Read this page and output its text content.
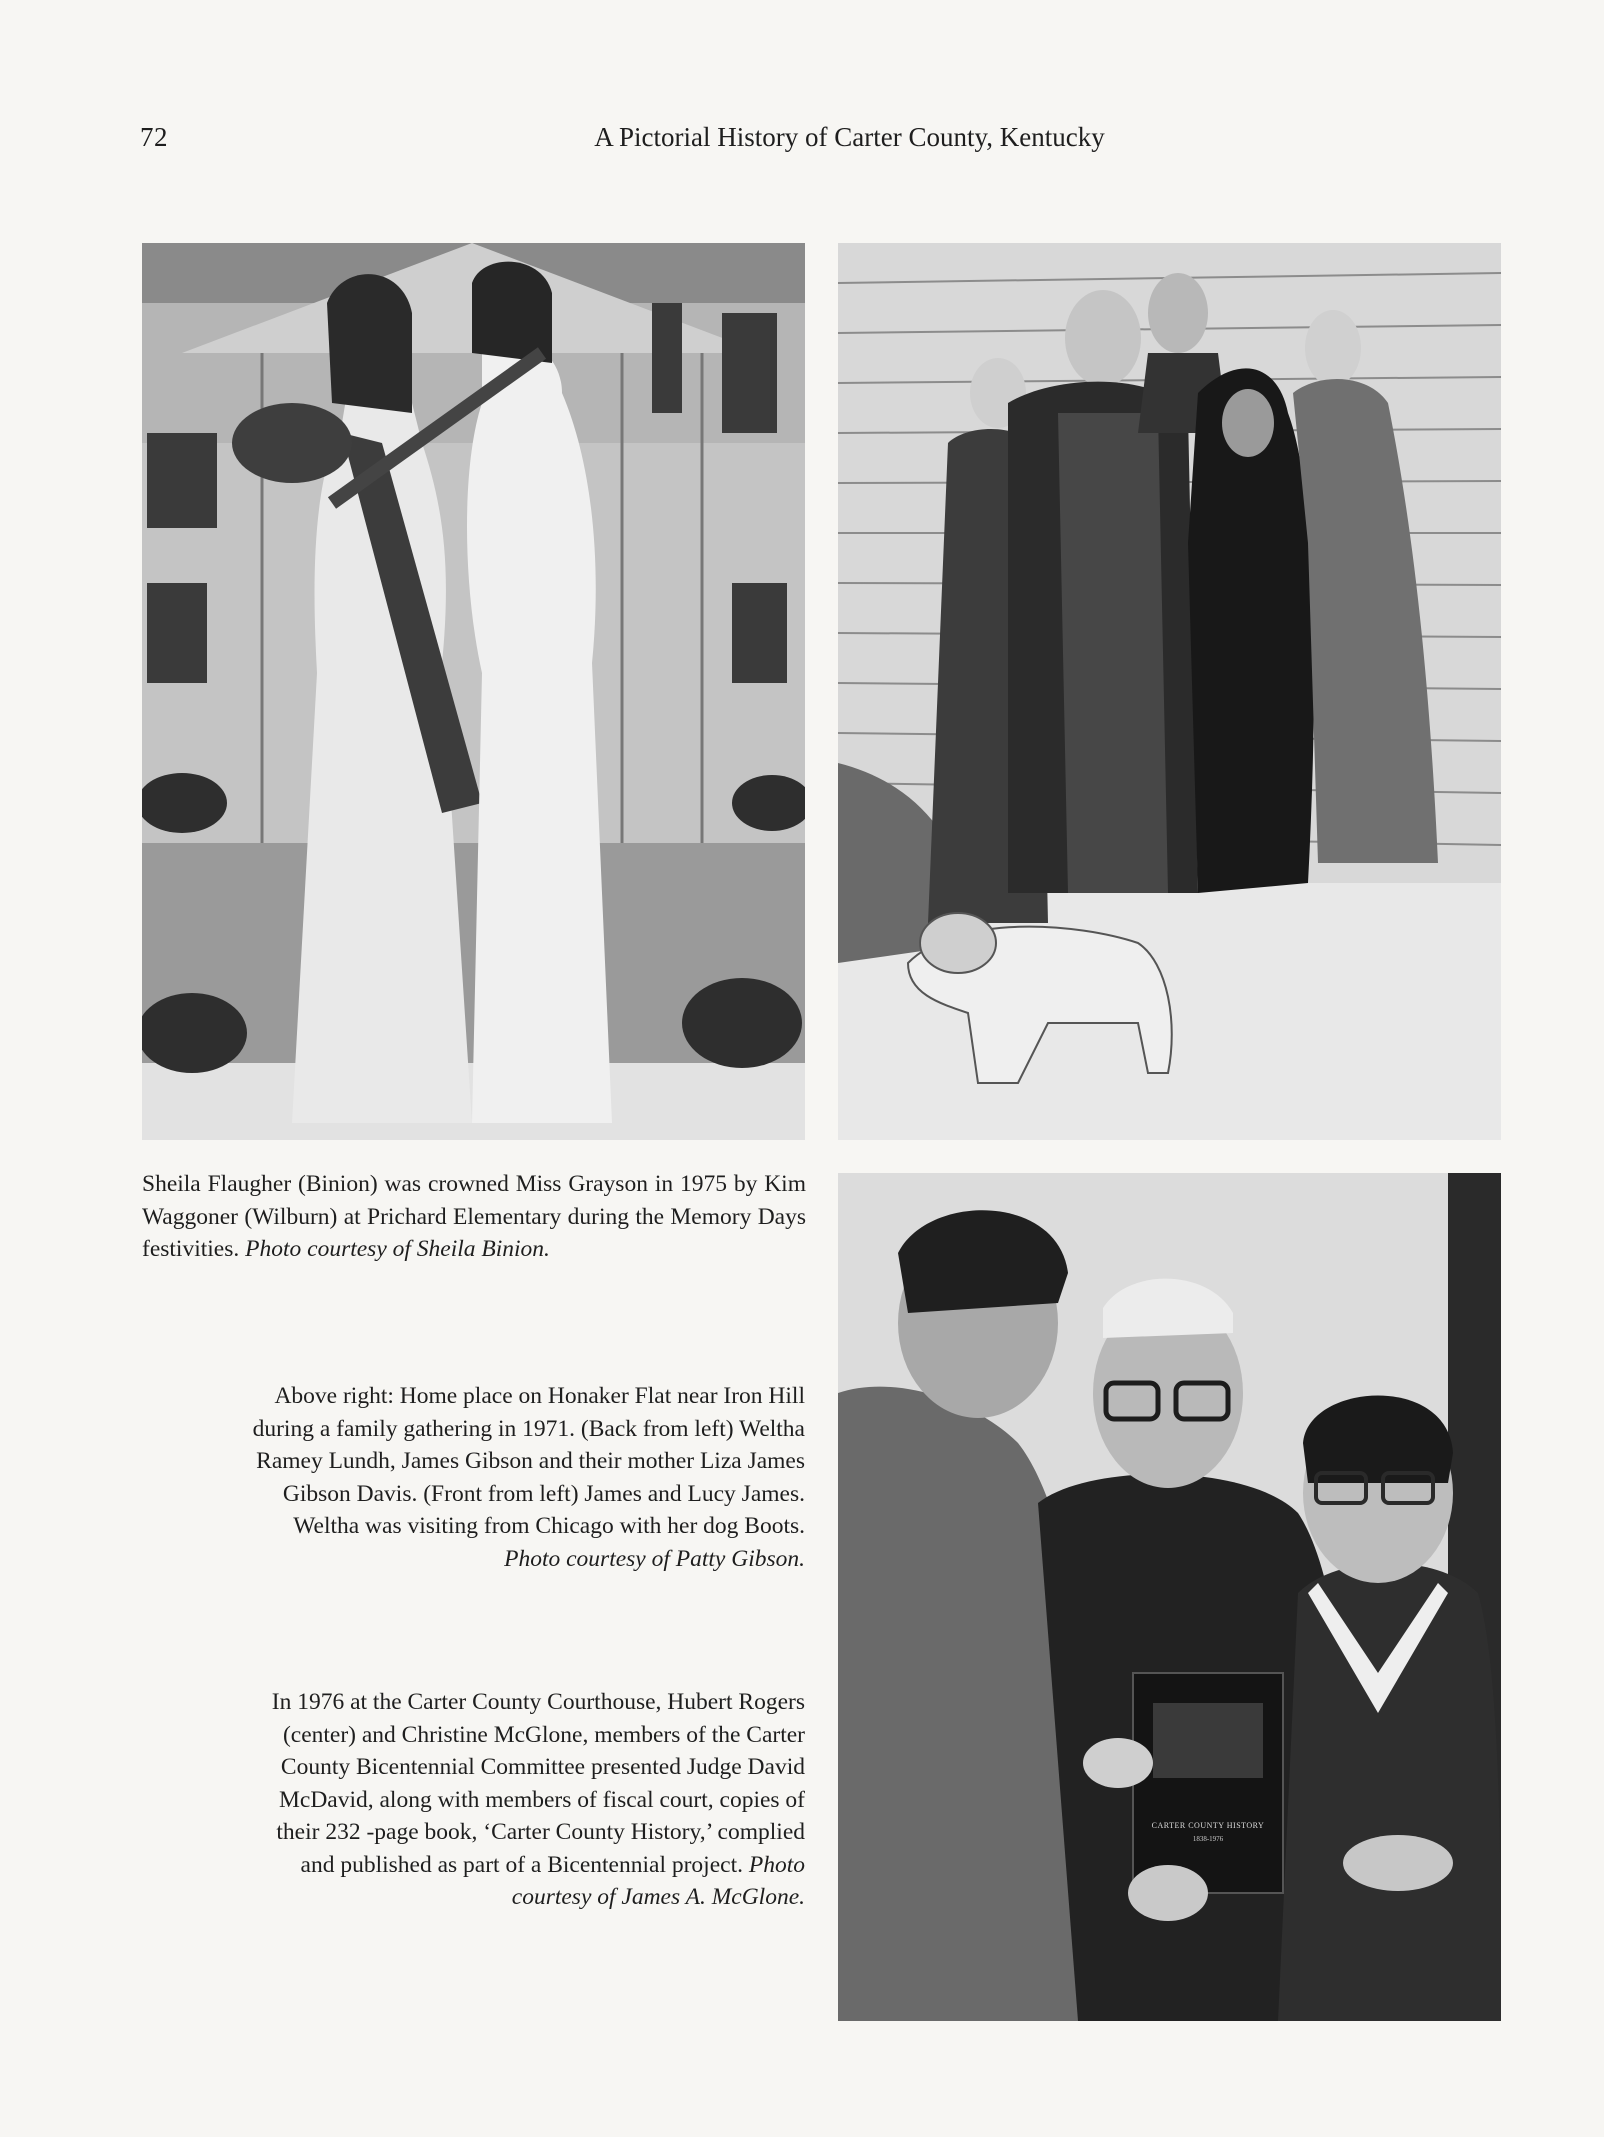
72	A Pictorial History of Carter County, Kentucky
CARTER COUNTY HISTORY
1838-1976

Sheila Flaugher (Binion) was crowned Miss Grayson in 1975 by Kim Waggoner (Wilburn) at Prichard Elementary during the Memory Days festivities. Photo courtesy of Sheila Binion.

Above right: Home place on Honaker Flat near Iron Hill

during a family gathering in 1971. (Back from left) Weltha

Ramey Lundh, James Gibson and their mother Liza James

Gibson Davis. (Front from left) James and Lucy James.

Weltha was visiting from Chicago with her dog Boots.

Photo courtesy of Patty Gibson.

In 1976 at the Carter County Courthouse, Hubert Rogers

(center) and Christine McGlone, members of the Carter

County Bicentennial Committee presented Judge David

McDavid, along with members of fiscal court, copies of

their 232 -page book, ‘Carter County History,’ complied

and published as part of a Bicentennial project. Photo

courtesy of James A. McGlone.
